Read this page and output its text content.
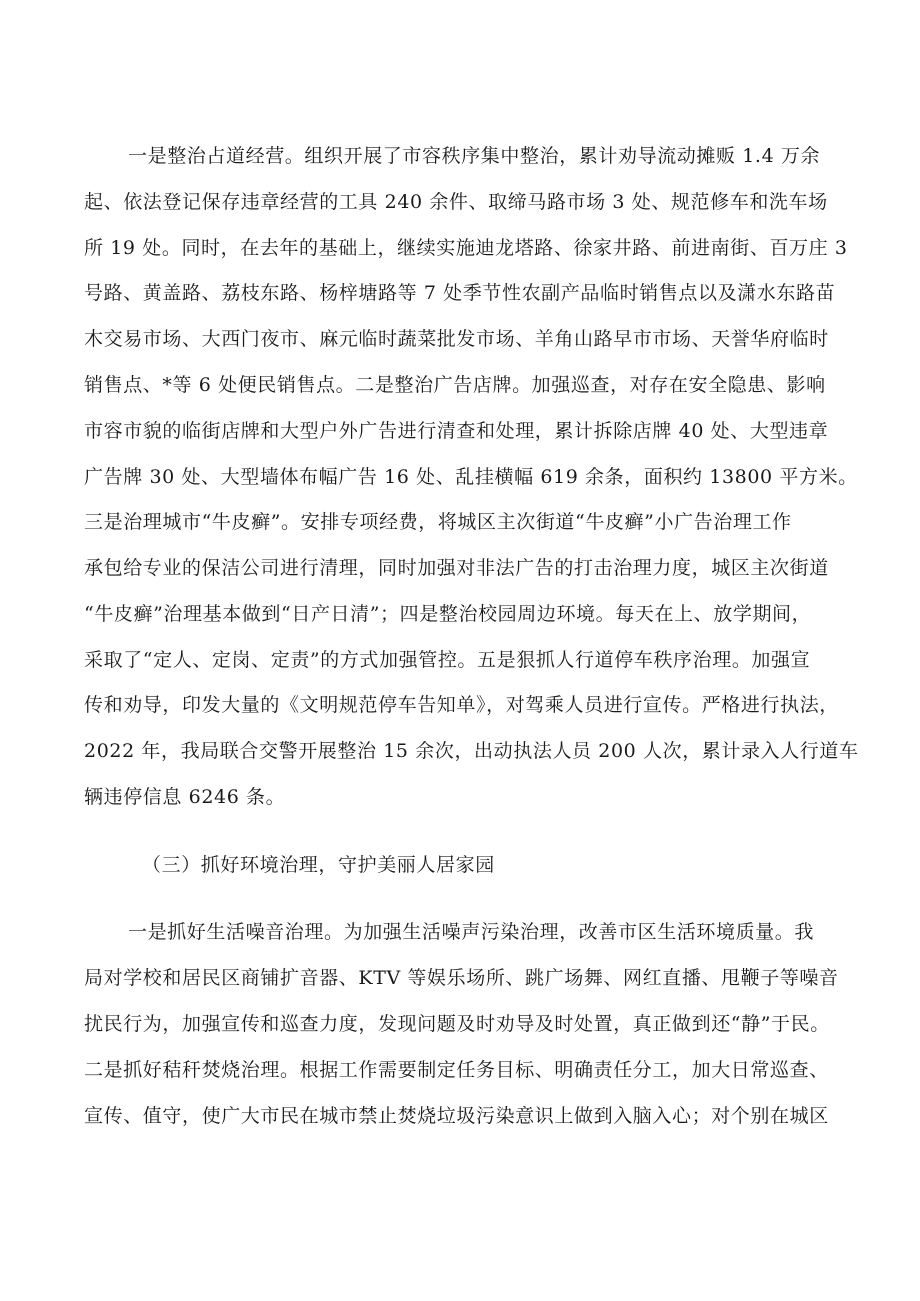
一是整治占道经营。组织开展了市容秩序集中整治，累计劝导流动摊贩 1.4 万余
起、依法登记保存违章经营的工具 240 余件、取缔马路市场 3 处、规范修车和洗车场
所 19 处。同时，在去年的基础上，继续实施迪龙塔路、徐家井路、前进南街、百万庄 3
号路、黄盖路、荔枝东路、杨梓塘路等 7 处季节性农副产品临时销售点以及潇水东路苗
木交易市场、大西门夜市、麻元临时蔬菜批发市场、羊角山路早市市场、天誉华府临时
销售点、*等 6 处便民销售点。二是整治广告店牌。加强巡查，对存在安全隐患、影响
市容市貌的临街店牌和大型户外广告进行清查和处理，累计拆除店牌 40 处、大型违章
广告牌 30 处、大型墙体布幅广告 16 处、乱挂横幅 619 余条，面积约 13800 平方米。
三是治理城市“牛皮癣”。安排专项经费，将城区主次街道“牛皮癣”小广告治理工作
承包给专业的保洁公司进行清理，同时加强对非法广告的打击治理力度，城区主次街道
“牛皮癣”治理基本做到“日产日清”；四是整治校园周边环境。每天在上、放学期间，
采取了“定人、定岗、定责”的方式加强管控。五是狠抓人行道停车秩序治理。加强宣
传和劝导，印发大量的《文明规范停车告知单》，对驾乘人员进行宣传。严格进行执法，
2022 年，我局联合交警开展整治 15 余次，出动执法人员 200 人次，累计录入人行道车
辆违停信息 6246 条。
（三）抓好环境治理，守护美丽人居家园
一是抓好生活噪音治理。为加强生活噪声污染治理，改善市区生活环境质量。我
局对学校和居民区商铺扩音器、KTV 等娱乐场所、跳广场舞、网红直播、甩鞭子等噪音
扰民行为，加强宣传和巡查力度，发现问题及时劝导及时处置，真正做到还“静”于民。
二是抓好秸秆焚烧治理。根据工作需要制定任务目标、明确责任分工，加大日常巡查、
宣传、值守，使广大市民在城市禁止焚烧垃圾污染意识上做到入脑入心；对个别在城区
